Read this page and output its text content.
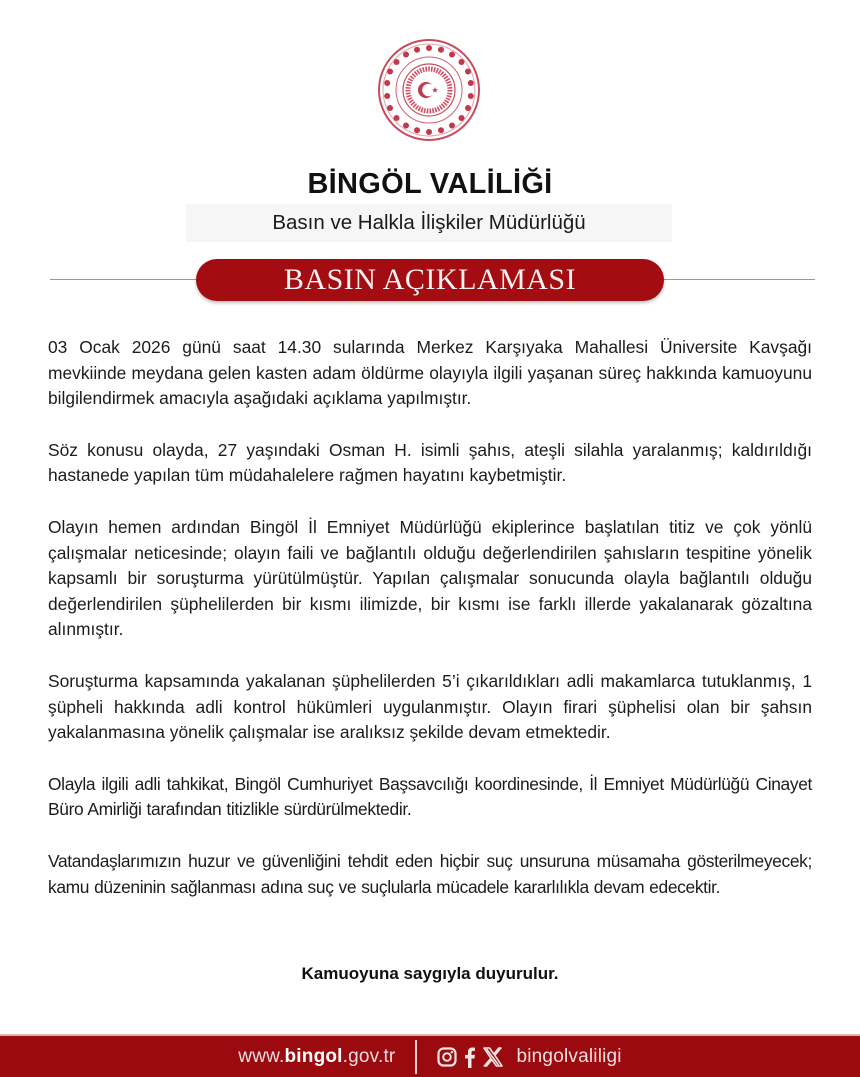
BİNGÖL VALİLİĞİ
Basın ve Halkla İlişkiler Müdürlüğü
BASIN AÇIKLAMASI

03 Ocak 2026 günü saat 14.30 sularında Merkez Karşıyaka Mahallesi Üniversite Kavşağı mevkiinde meydana gelen kasten adam öldürme olayıyla ilgili yaşanan süreç hakkında kamuoyunu bilgilendirmek amacıyla aşağıdaki açıklama yapılmıştır.

Söz konusu olayda, 27 yaşındaki Osman H. isimli şahıs, ateşli silahla yaralanmış; kaldırıldığı hastanede yapılan tüm müdahalelere rağmen hayatını kaybetmiştir.

Olayın hemen ardından Bingöl İl Emniyet Müdürlüğü ekiplerince başlatılan titiz ve çok yönlü çalışmalar neticesinde; olayın faili ve bağlantılı olduğu değerlendirilen şahısların tespitine yönelik kapsamlı bir soruşturma yürütülmüştür. Yapılan çalışmalar sonucunda olayla bağlantılı olduğu değerlendirilen şüphelilerden bir kısmı ilimizde, bir kısmı ise farklı illerde yakalanarak gözaltına alınmıştır.

Soruşturma kapsamında yakalanan şüphelilerden 5’i çıkarıldıkları adli makamlarca tutuklanmış, 1 şüpheli hakkında adli kontrol hükümleri uygulanmıştır. Olayın firari şüphelisi olan bir şahsın yakalanmasına yönelik çalışmalar ise aralıksız şekilde devam etmektedir.

Olayla ilgili adli tahkikat, Bingöl Cumhuriyet Başsavcılığı koordinesinde, İl Emniyet Müdürlüğü Cinayet Büro Amirliği tarafından titizlikle sürdürülmektedir.

Vatandaşlarımızın huzur ve güvenliğini tehdit eden hiçbir suç unsuruna müsamaha gösterilmeyecek; kamu düzeninin sağlanması adına suç ve suçlularla mücadele kararlılıkla devam edecektir.

Kamuoyuna saygıyla duyurulur.
www.bingol.gov.tr	bingolvaliligi
